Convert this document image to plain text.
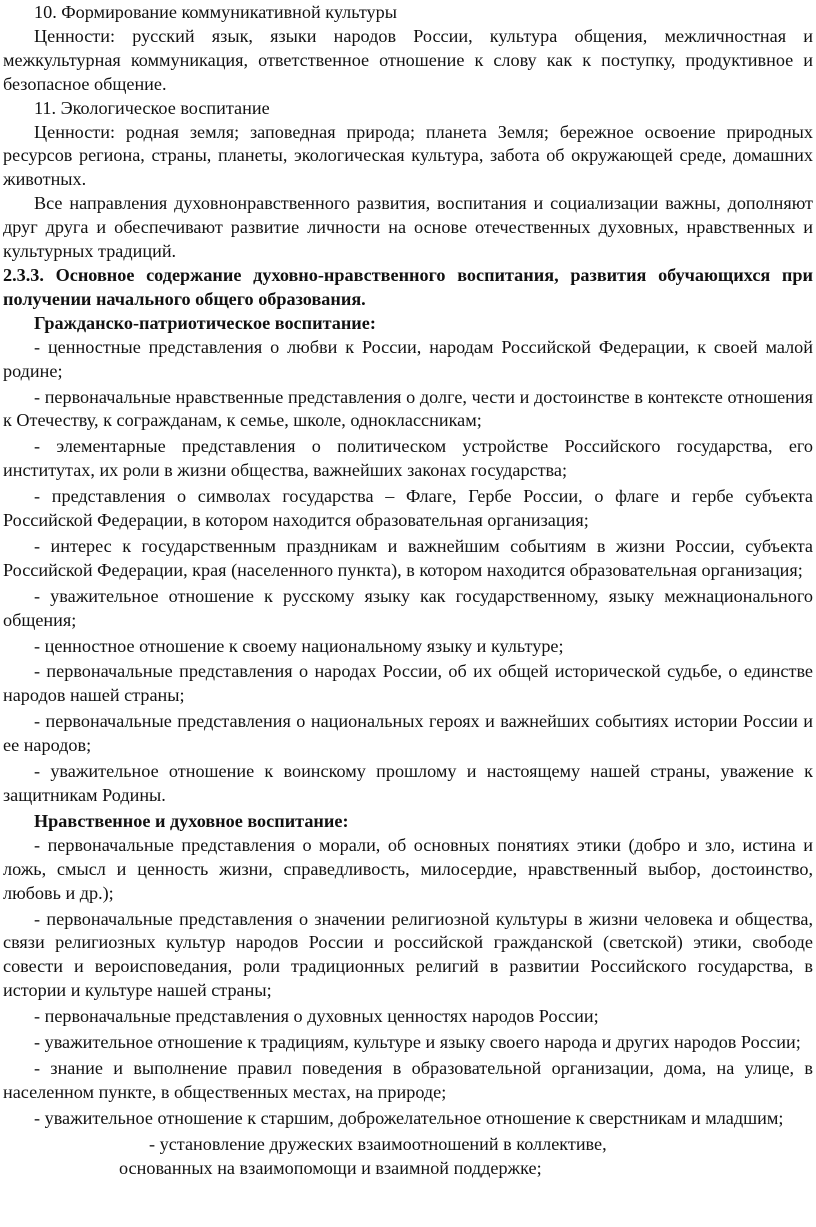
10. Формирование коммуникативной культуры

Ценности: русский язык, языки народов России, культура общения, межличностная и межкультурная коммуникация, ответственное отношение к слову как к поступку, продуктивное и безопасное общение.

11. Экологическое воспитание

Ценности: родная земля; заповедная природа; планета Земля; бережное освоение природных ресурсов региона, страны, планеты, экологическая культура, забота об окружающей среде, домашних животных.

Все направления духовнонравственного развития, воспитания и социализации важны, дополняют друг друга и обеспечивают развитие личности на основе отечественных духовных, нравственных и культурных традиций.

2.3.3. Основное содержание духовно-нравственного воспитания, развития обучающихся при получении начального общего образования.

Гражданско-патриотическое воспитание:

- ценностные представления о любви к России, народам Российской Федерации, к своей малой родине;

- первоначальные нравственные представления о долге, чести и достоинстве в контексте отношения к Отечеству, к согражданам, к семье, школе, одноклассникам;

- элементарные представления о политическом устройстве Российского государства, его институтах, их роли в жизни общества, важнейших законах государства;

- представления о символах государства – Флаге, Гербе России, о флаге и гербе субъекта Российской Федерации, в котором находится образовательная организация;

- интерес к государственным праздникам и важнейшим событиям в жизни России, субъекта Российской Федерации, края (населенного пункта), в котором находится образовательная организация;

- уважительное отношение к русскому языку как государственному, языку межнационального общения;

- ценностное отношение к своему национальному языку и культуре;

- первоначальные представления о народах России, об их общей исторической судьбе, о единстве народов нашей страны;

- первоначальные представления о национальных героях и важнейших событиях истории России и ее народов;

- уважительное отношение к воинскому прошлому и настоящему нашей страны, уважение к защитникам Родины.

Нравственное и духовное воспитание:

- первоначальные представления о морали, об основных понятиях этики (добро и зло, истина и ложь, смысл и ценность жизни, справедливость, милосердие, нравственный выбор, достоинство, любовь и др.);

- первоначальные представления о значении религиозной культуры в жизни человека и общества, связи религиозных культур народов России и российской гражданской (светской) этики, свободе совести и вероисповедания, роли традиционных религий в развитии Российского государства, в истории и культуре нашей страны;

- первоначальные представления о духовных ценностях народов России;

- уважительное отношение к традициям, культуре и языку своего народа и других народов России;

- знание и выполнение правил поведения в образовательной организации, дома, на улице, в населенном пункте, в общественных местах, на природе;

- уважительное отношение к старшим, доброжелательное отношение к сверстникам и младшим;

- установление дружеских взаимоотношений в коллективе,

основанных на взаимопомощи и взаимной поддержке;
